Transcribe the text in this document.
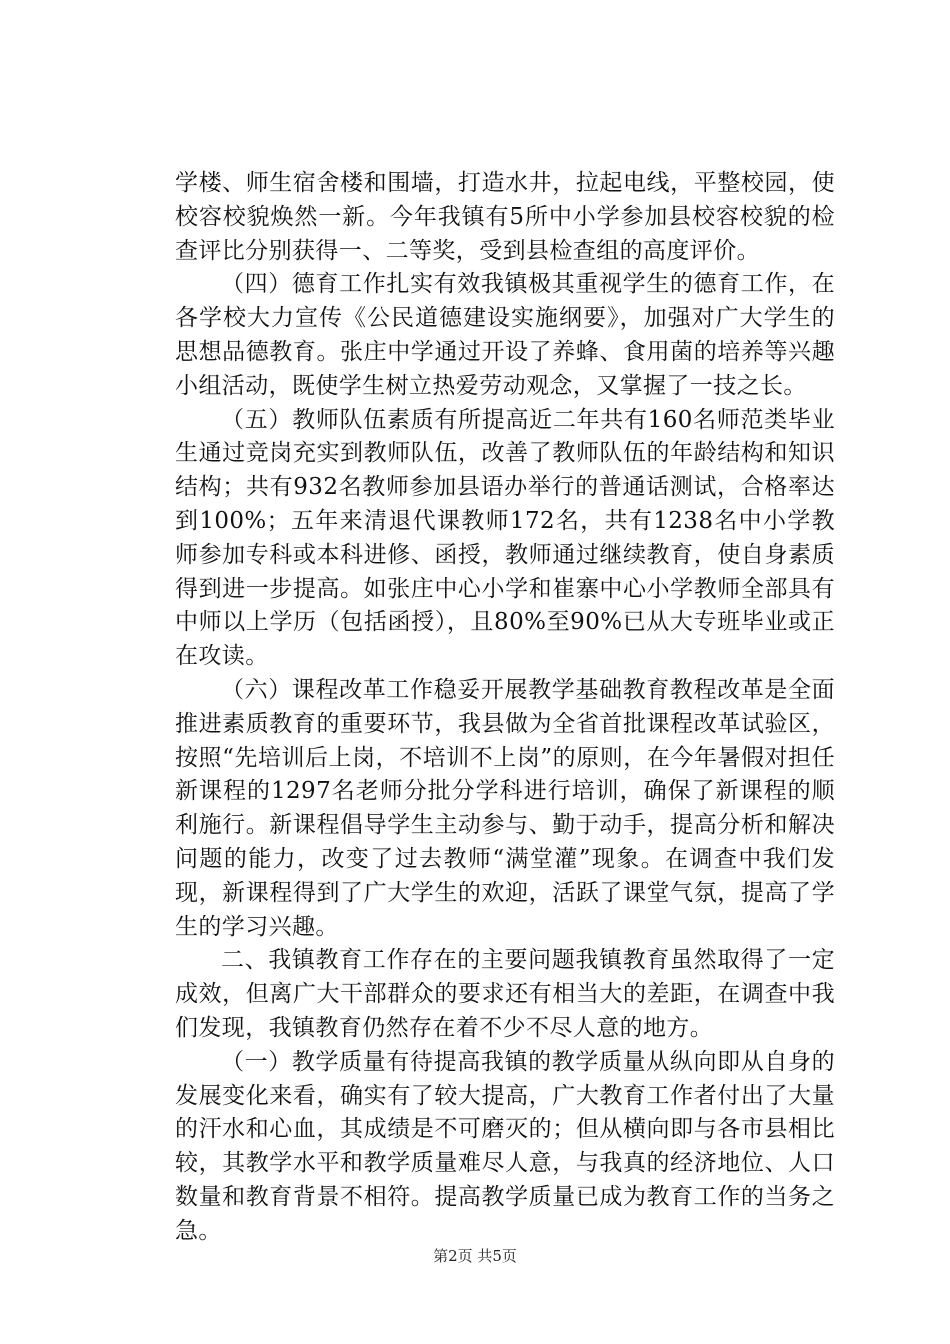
学楼、师生宿舍楼和围墙，打造水井，拉起电线，平整校园，使校容校貌焕然一新。今年我镇有5所中小学参加县校容校貌的检查评比分别获得一、二等奖，受到县检查组的高度评价。

（四）德育工作扎实有效我镇极其重视学生的德育工作，在各学校大力宣传《公民道德建设实施纲要》，加强对广大学生的思想品德教育。张庄中学通过开设了养蜂、食用菌的培养等兴趣小组活动，既使学生树立热爱劳动观念，又掌握了一技之长。

（五）教师队伍素质有所提高近二年共有160名师范类毕业生通过竞岗充实到教师队伍，改善了教师队伍的年龄结构和知识结构；共有932名教师参加县语办举行的普通话测试，合格率达到100%；五年来清退代课教师172名，共有1238名中小学教师参加专科或本科进修、函授，教师通过继续教育，使自身素质得到进一步提高。如张庄中心小学和崔寨中心小学教师全部具有中师以上学历（包括函授），且80%至90%已从大专班毕业或正在攻读。

（六）课程改革工作稳妥开展教学基础教育教程改革是全面推进素质教育的重要环节，我县做为全省首批课程改革试验区，按照“先培训后上岗，不培训不上岗”的原则，在今年暑假对担任新课程的1297名老师分批分学科进行培训，确保了新课程的顺利施行。新课程倡导学生主动参与、勤于动手，提高分析和解决问题的能力，改变了过去教师“满堂灌”现象。在调查中我们发现，新课程得到了广大学生的欢迎，活跃了课堂气氛，提高了学生的学习兴趣。

二、我镇教育工作存在的主要问题我镇教育虽然取得了一定成效，但离广大干部群众的要求还有相当大的差距，在调查中我们发现，我镇教育仍然存在着不少不尽人意的地方。

（一）教学质量有待提高我镇的教学质量从纵向即从自身的发展变化来看，确实有了较大提高，广大教育工作者付出了大量的汗水和心血，其成绩是不可磨灭的；但从横向即与各市县相比较，其教学水平和教学质量难尽人意，与我真的经济地位、人口数量和教育背景不相符。提高教学质量已成为教育工作的当务之急。

第2页 共5页
